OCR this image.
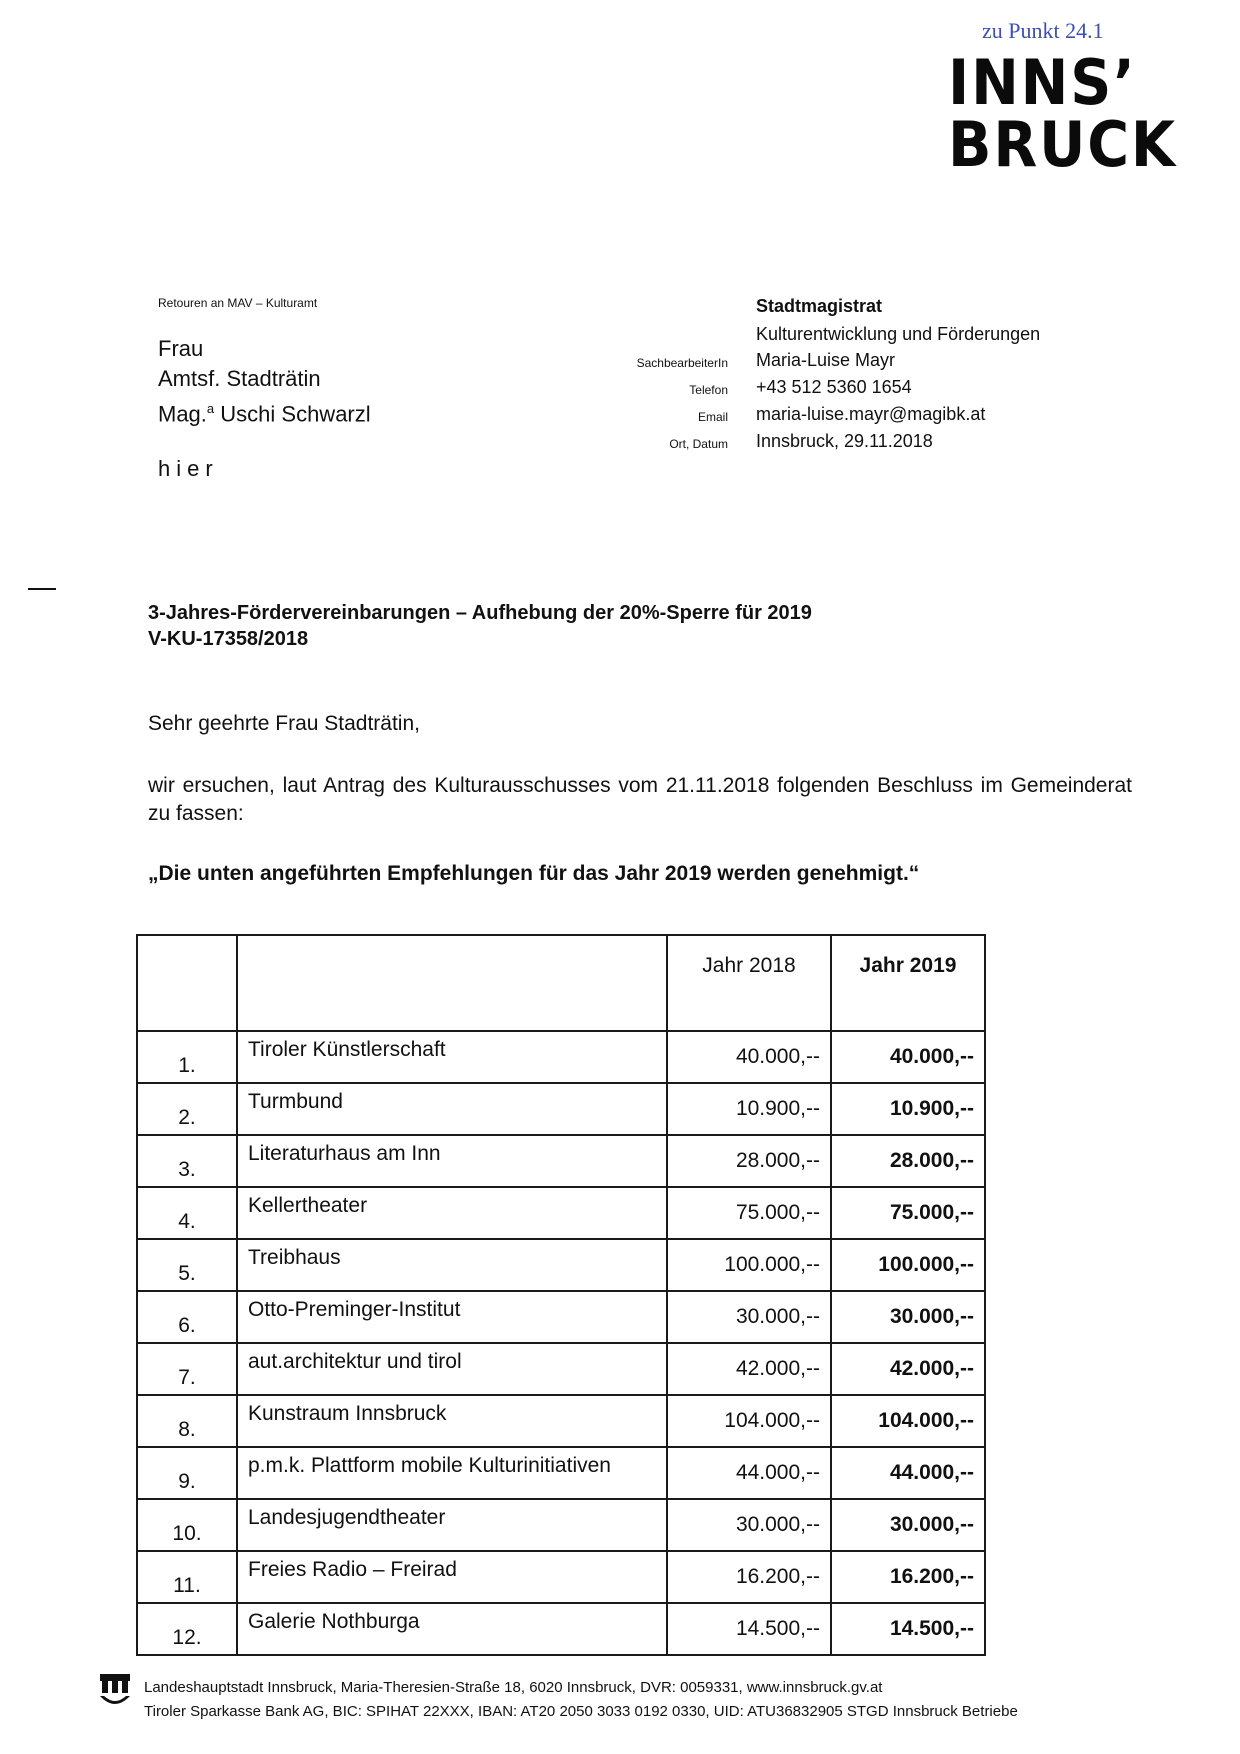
zu Punkt 24.1
INNS’
BRUCK
Retouren an MAV – Kulturamt
Frau
Amtsf. Stadträtin
Mag.$^a$ Uschi Schwarzl
hier
Stadtmagistrat
Kulturentwicklung und Förderungen
SachbearbeiterIn Maria-Luise Mayr
Telefon +43 512 5360 1654
Email maria-luise.mayr@magibk.at
Ort, Datum Innsbruck, 29.11.2018
3-Jahres-Fördervereinbarungen – Aufhebung der 20%-Sperre für 2019
V-KU-17358/2018
Sehr geehrte Frau Stadträtin,
wir ersuchen, laut Antrag des Kulturausschusses vom 21.11.2018 folgenden Beschluss im Gemeinderat zu fassen:
„Die unten angeführten Empfehlungen für das Jahr 2019 werden genehmigt.“
		Jahr 2018	Jahr 2019
1.	Tiroler Künstlerschaft	40.000,--	40.000,--
2.	Turmbund	10.900,--	10.900,--
3.	Literaturhaus am Inn	28.000,--	28.000,--
4.	Kellertheater	75.000,--	75.000,--
5.	Treibhaus	100.000,--	100.000,--
6.	Otto-Preminger-Institut	30.000,--	30.000,--
7.	aut.architektur und tirol	42.000,--	42.000,--
8.	Kunstraum Innsbruck	104.000,--	104.000,--
9.	p.m.k. Plattform mobile Kulturinitiativen	44.000,--	44.000,--
10.	Landesjugendtheater	30.000,--	30.000,--
11.	Freies Radio – Freirad	16.200,--	16.200,--
12.	Galerie Nothburga	14.500,--	14.500,--
Landeshauptstadt Innsbruck, Maria-Theresien-Straße 18, 6020 Innsbruck, DVR: 0059331, www.innsbruck.gv.at
Tiroler Sparkasse Bank AG, BIC: SPIHAT 22XXX, IBAN: AT20 2050 3033 0192 0330, UID: ATU36832905 STGD Innsbruck Betriebe
